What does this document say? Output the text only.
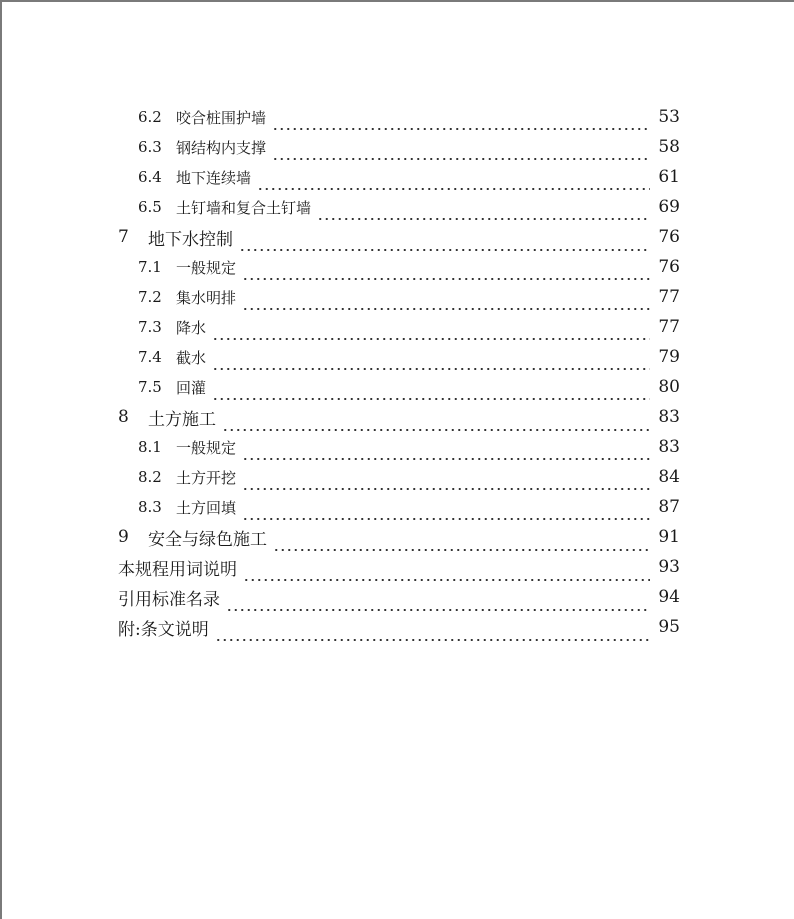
6.2 咬合桩围护墙	53
6.3 钢结构内支撑	58
6.4 地下连续墙	61
6.5 土钉墙和复合土钉墙	69
7	地下水控制	76
7.1 一般规定	76
7.2 集水明排	77
7.3 降水	77
7.4 截水	79
7.5 回灌	80
8	土方施工	83
8.1 一般规定	83
8.2 土方开挖	84
8.3 土方回填	87
9	安全与绿色施工	91
本规程用词说明	93
引用标准名录	94
附:条文说明	95
